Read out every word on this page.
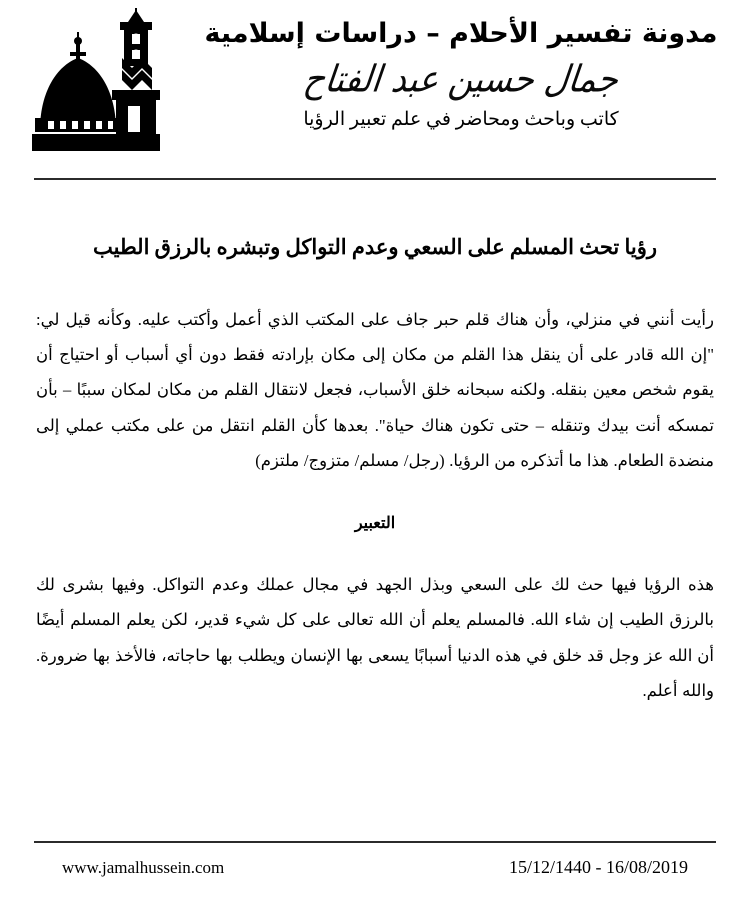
مدونة تفسير الأحلام – دراسات إسلامية
جمال حسين عبد الفتاح
كاتب وباحث ومحاضر في علم تعبير الرؤيا
رؤيا تحث المسلم على السعي وعدم التواكل وتبشره بالرزق الطيب

رأيت أنني في منزلي، وأن هناك قلم حبر جاف على المكتب الذي أعمل وأكتب عليه. وكأنه قيل لي: "إن الله قادر على أن ينقل هذا القلم من مكان إلى مكان بإرادته فقط دون أي أسباب أو احتياج أن يقوم شخص معين بنقله. ولكنه سبحانه خلق الأسباب، فجعل لانتقال القلم من مكان لمكان سببًا – بأن تمسكه أنت بيدك وتنقله – حتى تكون هناك حياة". بعدها كأن القلم انتقل من على مكتب عملي إلى منضدة الطعام. هذا ما أتذكره من الرؤيا. (رجل/ مسلم/ متزوج/ ملتزم)

التعبير

هذه الرؤيا فيها حث لك على السعي وبذل الجهد في مجال عملك وعدم التواكل. وفيها بشرى لك بالرزق الطيب إن شاء الله. فالمسلم يعلم أن الله تعالى على كل شيء قدير، لكن يعلم المسلم أيضًا أن الله عز وجل قد خلق في هذه الدنيا أسبابًا يسعى بها الإنسان ويطلب بها حاجاته، فالأخذ بها ضرورة. والله أعلم.

15/12/1440 - 16/08/2019
www.jamalhussein.com
